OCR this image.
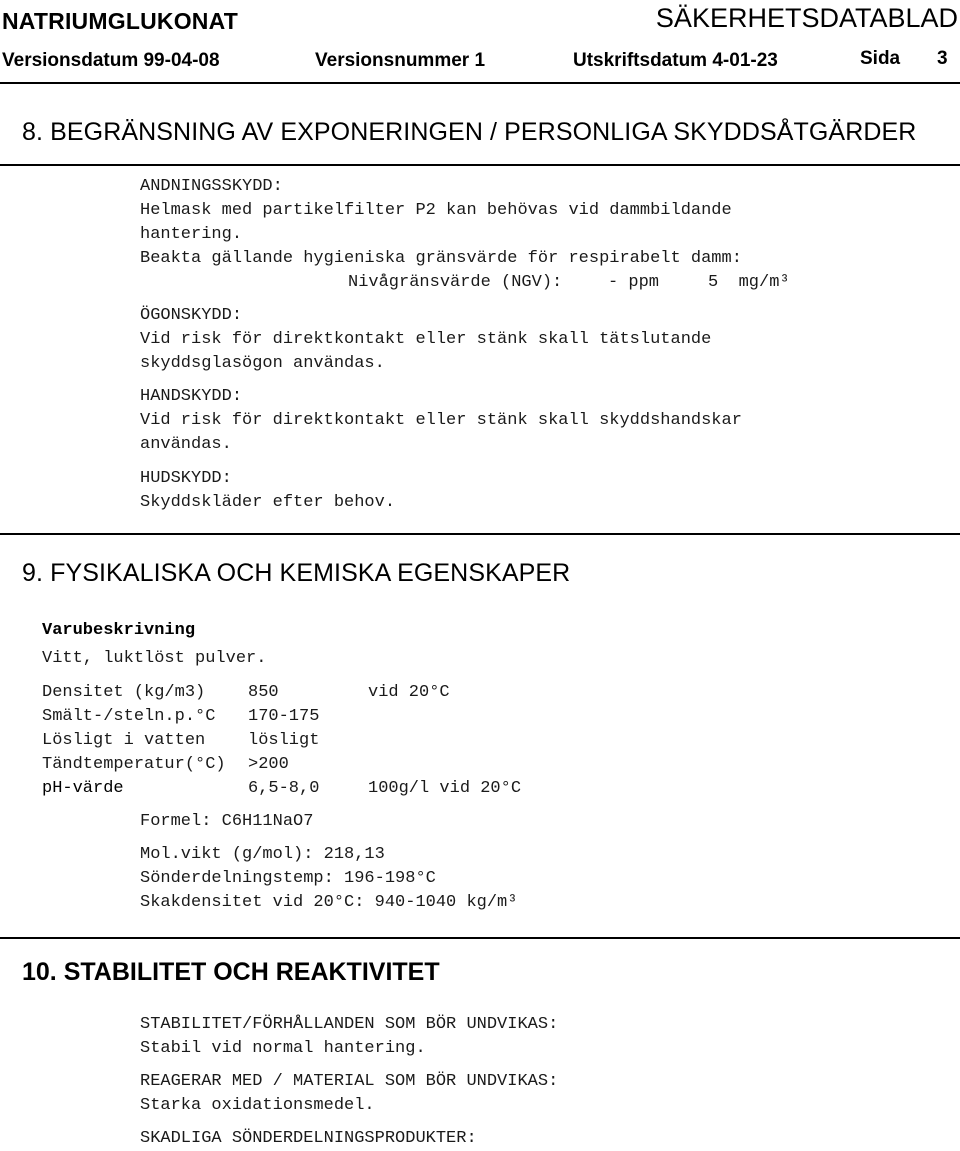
NATRIUMGLUKONAT	SÄKERHETSDATABLAD
Versionsdatum 99-04-08	Versionsnummer 1	Utskriftsdatum 4-01-23	Sida 3
8. BEGRÄNSNING AV EXPONERINGEN / PERSONLIGA SKYDDSÅTGÄRDER
ANDNINGSSKYDD:
Helmask med partikelfilter P2 kan behövas vid dammbildande
hantering.
Beakta gällande hygieniska gränsvärde för respirabelt damm:
Nivågränsvärde (NGV):	- ppm	5  mg/m³
ÖGONSKYDD:
Vid risk för direktkontakt eller stänk skall tätslutande
skyddsglasögon användas.
HANDSKYDD:
Vid risk för direktkontakt eller stänk skall skyddshandskar
användas.
HUDSKYDD:
Skyddskläder efter behov.
9. FYSIKALISKA OCH KEMISKA EGENSKAPER
Varubeskrivning
Vitt, luktlöst pulver.
Densitet (kg/m3)	850	vid 20°C
Smält-/steln.p.°C 170-175
Lösligt i vatten	lösligt
Tändtemperatur(°C) >200
pH-värde	6,5-8,0	100g/l vid 20°C
Formel: C6H11NaO7
Mol.vikt (g/mol): 218,13
Sönderdelningstemp: 196-198°C
Skakdensitet vid 20°C: 940-1040 kg/m³
10. STABILITET OCH REAKTIVITET
STABILITET/FÖRHÅLLANDEN SOM BÖR UNDVIKAS:
Stabil vid normal hantering.
REAGERAR MED / MATERIAL SOM BÖR UNDVIKAS:
Starka oxidationsmedel.
SKADLIGA SÖNDERDELNINGSPRODUKTER:
